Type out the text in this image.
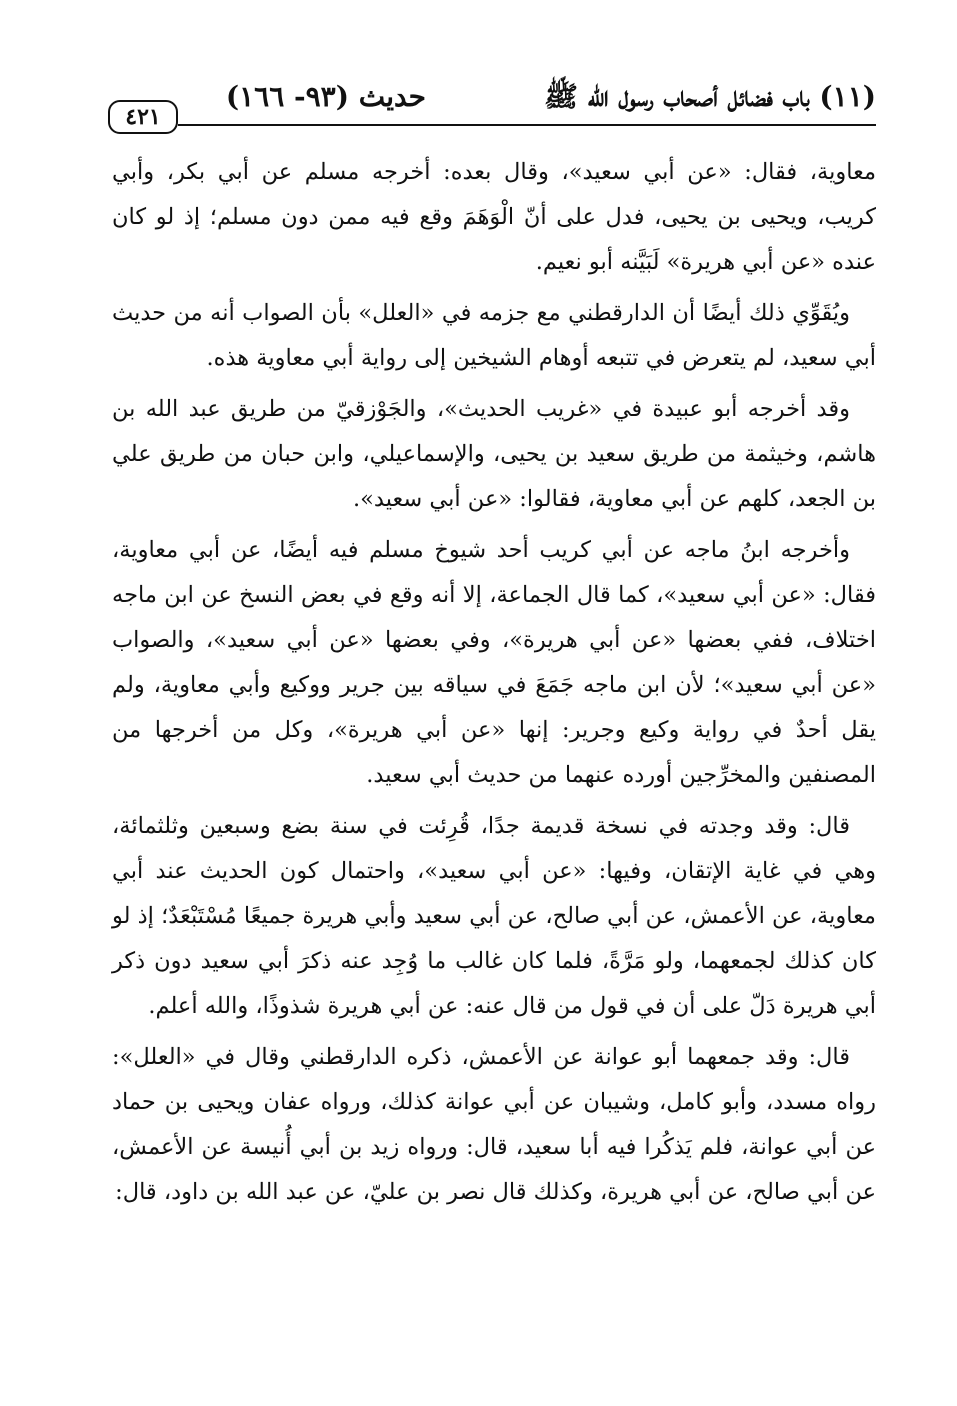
(١١) باب فضائل أصحاب رسول الله ﷺ
حديث (٩٣- ١٦٦)
٤٢١

معاوية، فقال: «عن أبي سعيد»، وقال بعده: أخرجه مسلم عن أبي بكر، وأبي كريب، ويحيى بن يحيى، فدل على أنّ الْوَهَمَ وقع فيه ممن دون مسلم؛ إذ لو كان عنده «عن أبي هريرة» لَبَيَّنه أبو نعيم.

ويُقَوِّي ذلك أيضًا أن الدارقطني مع جزمه في «العلل» بأن الصواب أنه من حديث أبي سعيد، لم يتعرض في تتبعه أوهام الشيخين إلى رواية أبي معاوية هذه.

وقد أخرجه أبو عبيدة في «غريب الحديث»، والجَوْزقيّ من طريق عبد الله بن هاشم، وخيثمة من طريق سعيد بن يحيى، والإسماعيلي، وابن حبان من طريق علي بن الجعد، كلهم عن أبي معاوية، فقالوا: «عن أبي سعيد».

وأخرجه ابنُ ماجه عن أبي كريب أحد شيوخ مسلم فيه أيضًا، عن أبي معاوية، فقال: «عن أبي سعيد»، كما قال الجماعة، إلا أنه وقع في بعض النسخ عن ابن ماجه اختلاف، ففي بعضها «عن أبي هريرة»، وفي بعضها «عن أبي سعيد»، والصواب «عن أبي سعيد»؛ لأن ابن ماجه جَمَعَ في سياقه بين جرير ووكيع وأبي معاوية، ولم يقل أحدٌ في رواية وكيع وجرير: إنها «عن أبي هريرة»، وكل من أخرجها من المصنفين والمخرِّجين أورده عنهما من حديث أبي سعيد.

قال: وقد وجدته في نسخة قديمة جدًا، قُرِئت في سنة بضع وسبعين وثلثمائة، وهي في غاية الإتقان، وفيها: «عن أبي سعيد»، واحتمال كون الحديث عند أبي معاوية، عن الأعمش، عن أبي صالح، عن أبي سعيد وأبي هريرة جميعًا مُسْتَبْعَدٌ؛ إذ لو كان كذلك لجمعهما، ولو مَرَّةً، فلما كان غالب ما وُجِد عنه ذكرَ أبي سعيد دون ذكر أبي هريرة دَلّ على أن في قول من قال عنه: عن أبي هريرة شذوذًا، والله أعلم.

قال: وقد جمعهما أبو عوانة عن الأعمش، ذكره الدارقطني وقال في «العلل»: رواه مسدد، وأبو كامل، وشيبان عن أبي عوانة كذلك، ورواه عفان ويحيى بن حماد عن أبي عوانة، فلم يَذكُرا فيه أبا سعيد، قال: ورواه زيد بن أبي أُنيسة عن الأعمش، عن أبي صالح، عن أبي هريرة، وكذلك قال نصر بن عليّ، عن عبد الله بن داود، قال:
